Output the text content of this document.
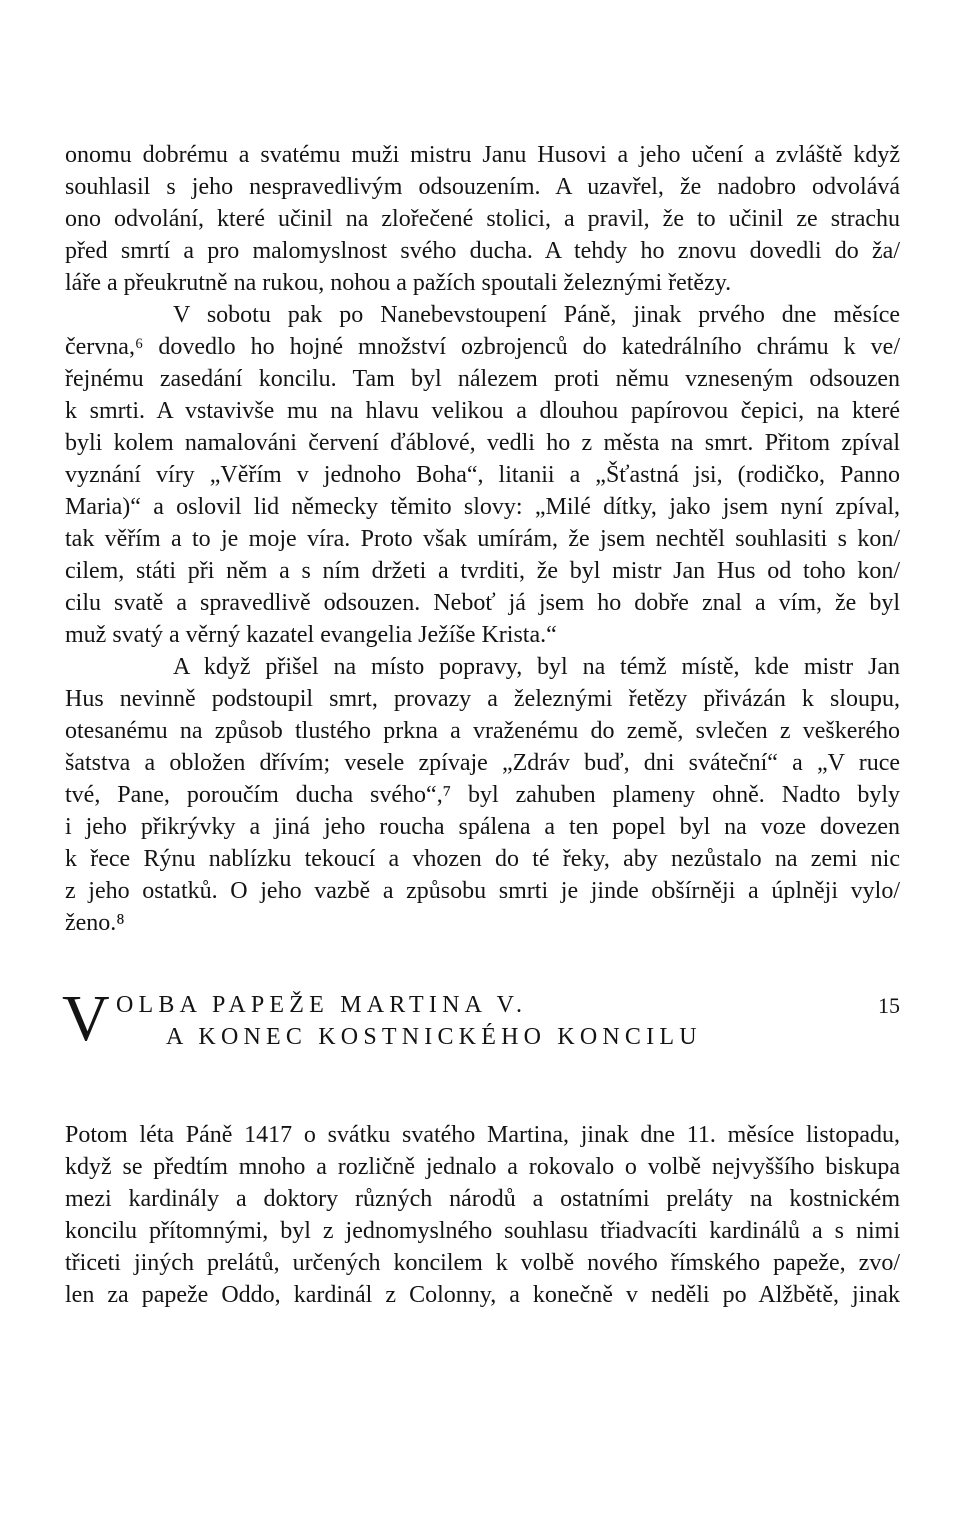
onomu dobrému a svatému muži mistru Janu Husovi a jeho učení a zvláště když
souhlasil s jeho nespravedlivým odsouzením. A uzavřel, že nadobro odvolává
ono odvolání, které učinil na zlořečené stolici, a pravil, že to učinil ze strachu
před smrtí a pro malomyslnost svého ducha. A tehdy ho znovu dovedli do ža/
láře a přeukrutně na rukou, nohou a pažích spoutali železnými řetězy.
V sobotu pak po Nanebevstoupení Páně, jinak prvého dne měsíce
června,⁶ dovedlo ho hojné množství ozbrojenců do katedrálního chrámu k ve/
řejnému zasedání koncilu. Tam byl nálezem proti němu vzneseným odsouzen
k smrti. A vstavivše mu na hlavu velikou a dlouhou papírovou čepici, na které
byli kolem namalováni červení ďáblové, vedli ho z města na smrt. Přitom zpíval
vyznání víry „Věřím v jednoho Boha“, litanii a „Šťastná jsi, (rodičko, Panno
Maria)“ a oslovil lid německy těmito slovy: „Milé dítky, jako jsem nyní zpíval,
tak věřím a to je moje víra. Proto však umírám, že jsem nechtěl souhlasiti s kon/
cilem, státi při něm a s ním držeti a tvrditi, že byl mistr Jan Hus od toho kon/
cilu svatě a spravedlivě odsouzen. Neboť já jsem ho dobře znal a vím, že byl
muž svatý a věrný kazatel evangelia Ježíše Krista.“
A když přišel na místo popravy, byl na témž místě, kde mistr Jan
Hus nevinně podstoupil smrt, provazy a železnými řetězy přivázán k sloupu,
otesanému na způsob tlustého prkna a vraženému do země, svlečen z veškerého
šatstva a obložen dřívím; vesele zpívaje „Zdráv buď, dni sváteční“ a „V ruce
tvé, Pane, poroučím ducha svého“,⁷ byl zahuben plameny ohně. Nadto byly
i jeho přikrývky a jiná jeho roucha spálena a ten popel byl na voze dovezen
k řece Rýnu nablízku tekoucí a vhozen do té řeky, aby nezůstalo na zemi nic
z jeho ostatků. O jeho vazbě a způsobu smrti je jinde obšírněji a úplněji vylo/
ženo.⁸
V OLBA PAPEŽE MARTINA V.
A KONEC KOSTNICKÉHO KONCILU
15
Potom léta Páně 1417 o svátku svatého Martina, jinak dne 11. měsíce listopadu,
když se předtím mnoho a rozličně jednalo a rokovalo o volbě nejvyššího biskupa
mezi kardinály a doktory různých národů a ostatními preláty na kostnickém
koncilu přítomnými, byl z jednomyslného souhlasu třiadvacíti kardinálů a s nimi
třiceti jiných prelátů, určených koncilem k volbě nového římského papeže, zvo/
len za papeže Oddo, kardinál z Colonny, a konečně v neděli po Alžbětě, jinak
